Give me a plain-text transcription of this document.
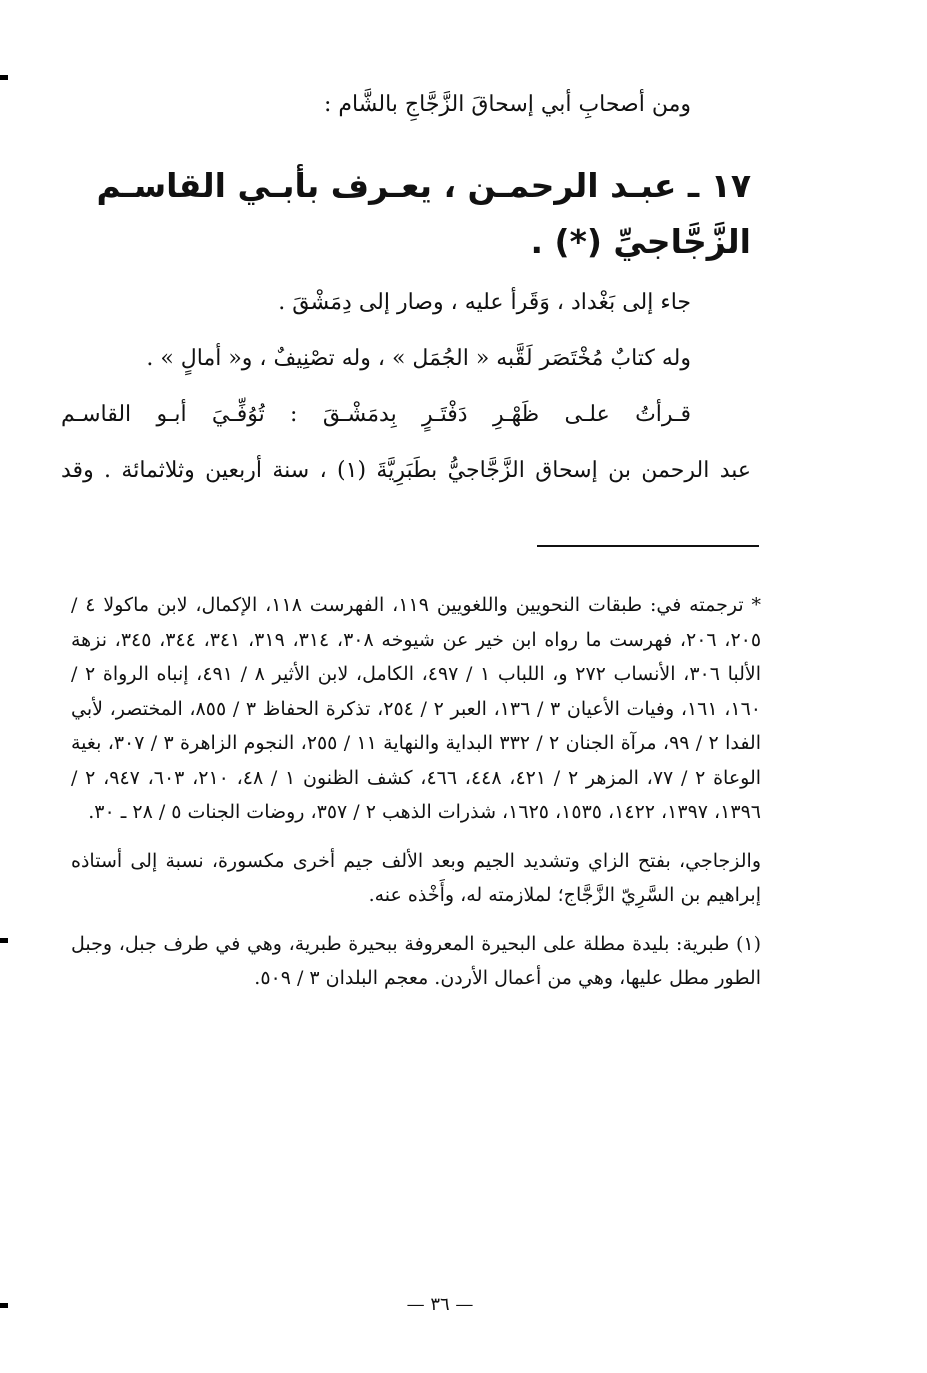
ومن أصحابِ أبي إسحاقَ الزَّجَّاجِ بالشَّام :
١٧ ـ عبـد الرحمـن ، يعـرف بأبـي القاسـم
الزَّجَّاجيِّ (*) .

جاء إلى بَغْداد ، وَقَرأ عليه ، وصار إلى دِمَشْقَ .

وله كتابٌ مُخْتَصَر لَقَّبه « الجُمَل » ، وله تصْنِيفٌ ، و« أمالٍ » .

قـرأتُ علـى ظَهْـرِ دَفْتَـرٍ بِدمَشْـقَ : تُوُفِّـيَ أبـو القاسـم

عبد الرحمن بن إسحاق الزَّجَّاجيُّ بطَبَرِيَّةَ (١) ، سنة أربعين وثلاثمائة . وقد

* ترجمته في: طبقات النحويين واللغويين ١١٩، الفهرست ١١٨، الإكمال، لابن ماكولا ٤ / ٢٠٥، ٢٠٦، فهرست ما رواه ابن خير عن شيوخه ٣٠٨، ٣١٤، ٣١٩، ٣٤١، ٣٤٤، ٣٤٥، نزهة الألبا ٣٠٦، الأنساب ٢٧٢ و، اللباب ١ / ٤٩٧، الكامل، لابن الأثير ٨ / ٤٩١، إنباه الرواة ٢ / ١٦٠، ١٦١، وفيات الأعيان ٣ / ١٣٦، العبر ٢ / ٢٥٤، تذكرة الحفاظ ٣ / ٨٥٥، المختصر، لأبي الفدا ٢ / ٩٩، مرآة الجنان ٢ / ٣٣٢ البداية والنهاية ١١ / ٢٥٥، النجوم الزاهرة ٣ / ٣٠٧، بغية الوعاة ٢ / ٧٧، المزهر ٢ / ٤٢١، ٤٤٨، ٤٦٦، كشف الظنون ١ / ٤٨، ٢١٠، ٦٠٣، ٩٤٧، ٢ / ١٣٩٦، ١٣٩٧، ١٤٢٢، ١٥٣٥، ١٦٢٥، شذرات الذهب ٢ / ٣٥٧، روضات الجنات ٥ / ٢٨ ـ ٣٠.

والزجاجي، بفتح الزاي وتشديد الجيم وبعد الألف جيم أخرى مكسورة، نسبة إلى أستاذه إبراهيم بن السَّرِيّ الزَّجَّاج؛ لملازمته له، وأَخْذه عنه.

(١) طبرية: بليدة مطلة على البحيرة المعروفة ببحيرة طبرية، وهي في طرف جبل، وجبل الطور مطل عليها، وهي من أعمال الأردن. معجم البلدان ٣ / ٥٠٩.

— ٣٦ —
